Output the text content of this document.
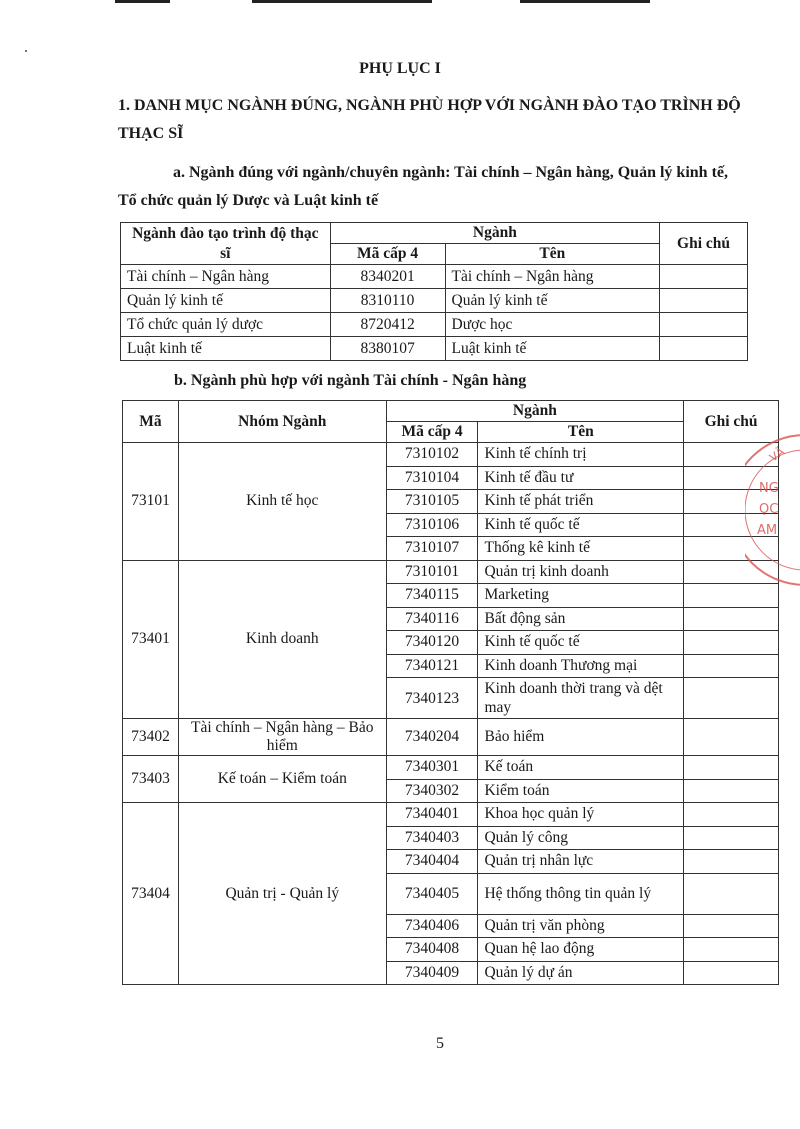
PHỤ LỤC I
1. DANH MỤC NGÀNH ĐÚNG, NGÀNH PHÙ HỢP VỚI NGÀNH ĐÀO TẠO TRÌNH ĐỘ THẠC SĨ
a. Ngành đúng với ngành/chuyên ngành: Tài chính – Ngân hàng, Quản lý kinh tế, Tổ chức quản lý Dược và Luật kinh tế
Ngành đào tạo trình độ thạc sĩ	Ngành		Ghi chú
	Mã cấp 4	Tên	
Tài chính – Ngân hàng	8340201	Tài chính – Ngân hàng	
Quản lý kinh tế	8310110	Quản lý kinh tế	
Tổ chức quản lý dược	8720412	Dược học	
Luật kinh tế	8380107	Luật kinh tế	
b. Ngành phù hợp với ngành Tài chính - Ngân hàng
Mã	Nhóm Ngành	Ngành		Ghi chú
		Mã cấp 4	Tên	
73101	Kinh tế học	7310102	Kinh tế chính trị	
		7310104	Kinh tế đầu tư	
		7310105	Kinh tế phát triển	
		7310106	Kinh tế quốc tế	
		7310107	Thống kê kinh tế	
73401	Kinh doanh	7310101	Quản trị kinh doanh	
		7340115	Marketing	
		7340116	Bất động sản	
		7340120	Kinh tế quốc tế	
		7340121	Kinh doanh Thương mại	
		7340123	Kinh doanh thời trang và dệt may	
73402	Tài chính – Ngân hàng – Bảo hiểm	7340204	Bảo hiểm	
73403	Kế toán – Kiểm toán	7340301	Kế toán	
		7340302	Kiểm toán	
73404	Quản trị - Quản lý	7340401	Khoa học quản lý	
		7340403	Quản lý công	
		7340404	Quản trị nhân lực	
		7340405	Hệ thống thông tin quản lý	
		7340406	Quản trị văn phòng	
		7340408	Quan hệ lao động	
		7340409	Quản lý dự án	
VĂ
NG
ỌC
AM
5
